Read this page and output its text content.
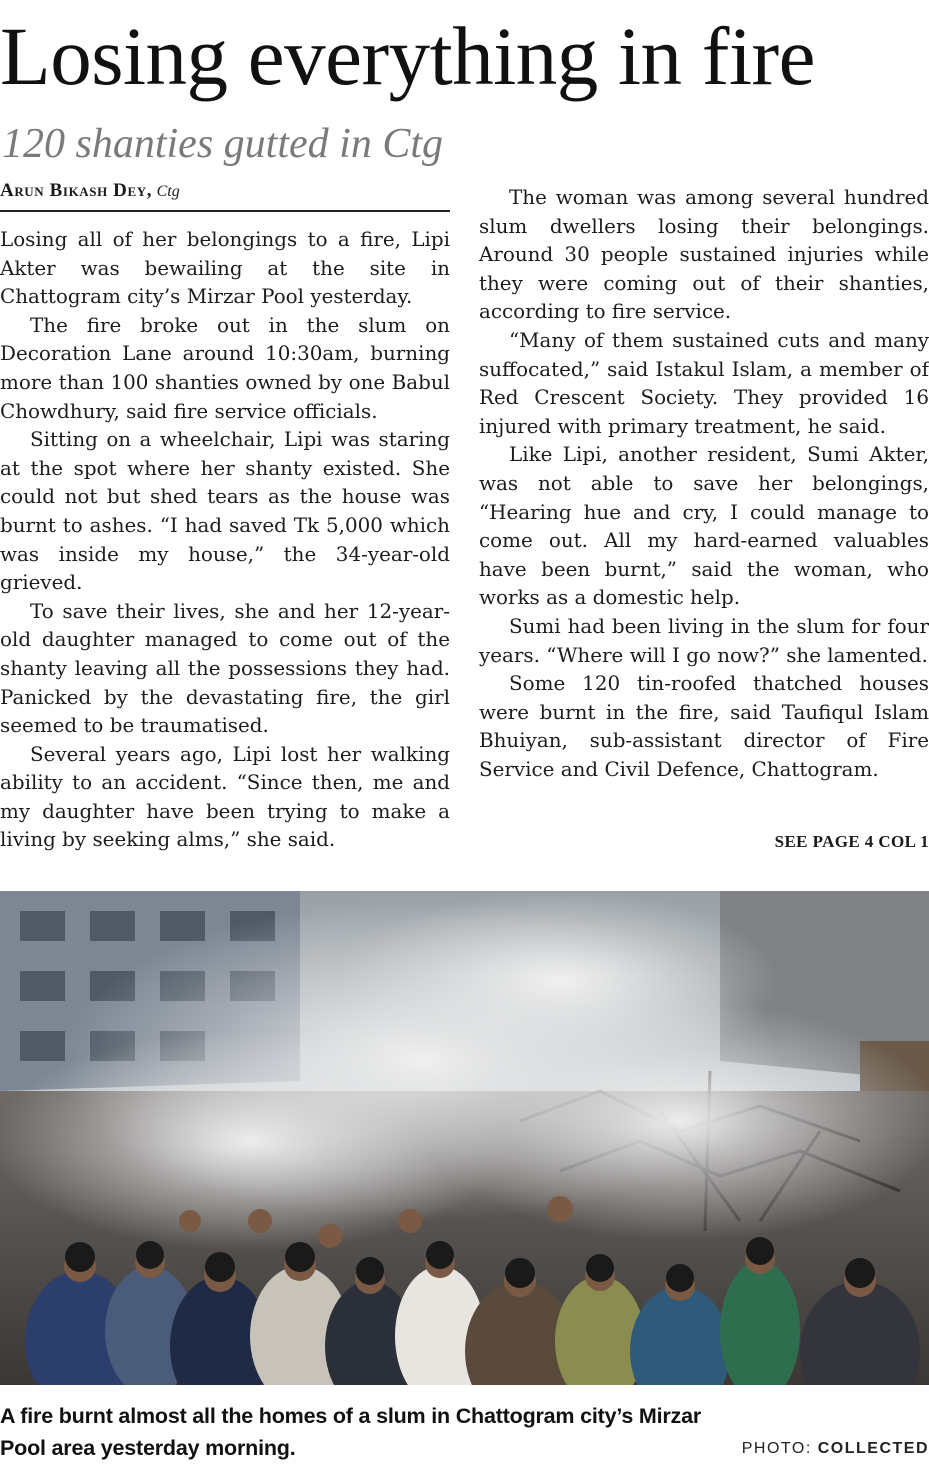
Losing everything in fire
120 shanties gutted in Ctg
Arun Bikash Dey, Ctg

Losing all of her belongings to a fire, Lipi Akter was bewailing at the site in Chattogram city’s Mirzar Pool yesterday.

The fire broke out in the slum on Decoration Lane around 10:30am, burning more than 100 shanties owned by one Babul Chowdhury, said fire service officials.

Sitting on a wheelchair, Lipi was staring at the spot where her shanty existed. She could not but shed tears as the house was burnt to ashes. “I had saved Tk 5,000 which was inside my house,” the 34-year-old grieved.

To save their lives, she and her 12-year-old daughter managed to come out of the shanty leaving all the possessions they had. Panicked by the devastating fire, the girl seemed to be traumatised.

Several years ago, Lipi lost her walking ability to an accident. “Since then, me and my daughter have been trying to make a living by seeking alms,” she said.

The woman was among several hundred slum dwellers losing their belongings. Around 30 people sustained injuries while they were coming out of their shanties, according to fire service.

“Many of them sustained cuts and many suffocated,” said Istakul Islam, a member of Red Crescent Society. They provided 16 injured with primary treatment, he said.

Like Lipi, another resident, Sumi Akter, was not able to save her belongings, “Hearing hue and cry, I could manage to come out. All my hard-earned valuables have been burnt,” said the woman, who works as a domestic help.

Sumi had been living in the slum for four years. “Where will I go now?” she lamented.

Some 120 tin-roofed thatched houses were burnt in the fire, said Taufiqul Islam Bhuiyan, sub-assistant director of Fire Service and Civil Defence, Chattogram.

SEE PAGE 4 COL 1
A fire burnt almost all the homes of a slum in Chattogram city’s Mirzar Pool area yesterday morning.	PHOTO: COLLECTED
